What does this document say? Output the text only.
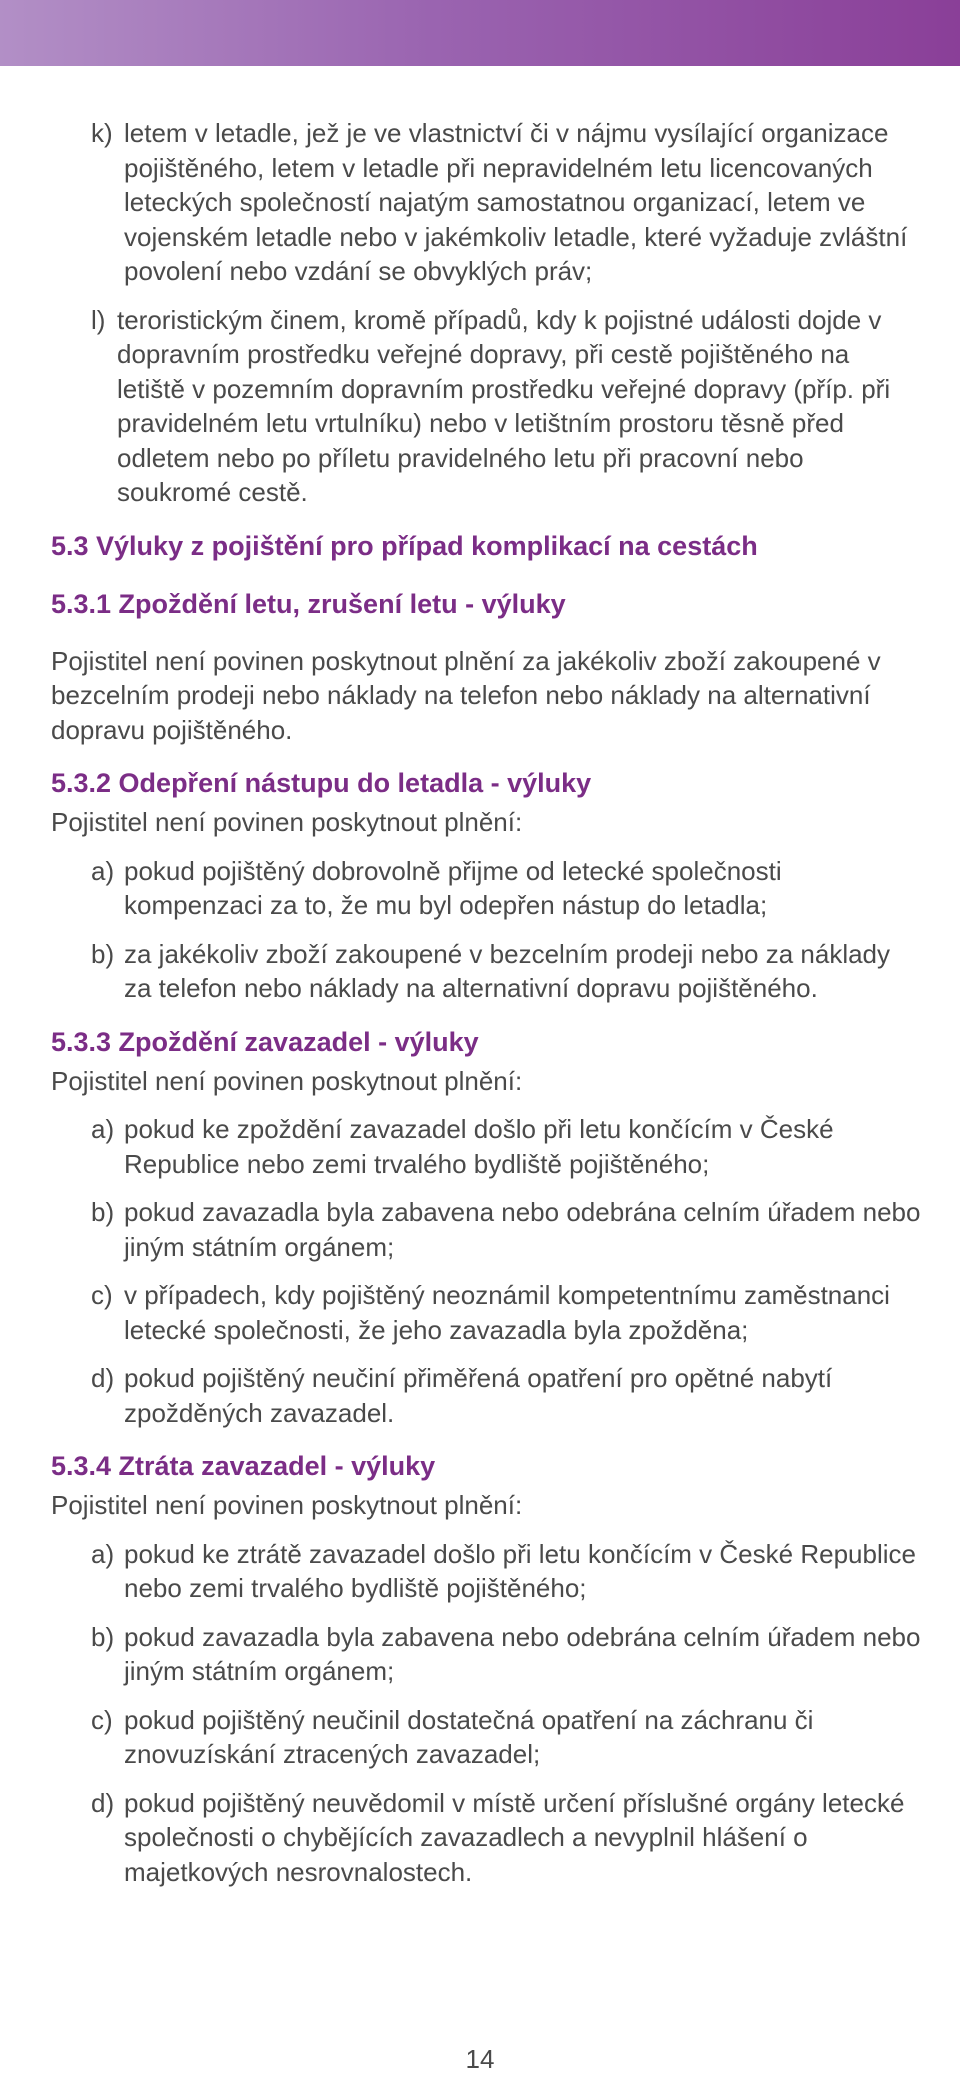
k) letem v letadle, jež je ve vlastnictví či v nájmu vysílající organizace pojištěného, letem v letadle při nepravidelném letu licencovaných leteckých společností najatým samostatnou organizací, letem ve vojenském letadle nebo v jakémkoliv letadle, které vyžaduje zvláštní povolení nebo vzdání se obvyklých práv;
l) teroristickým činem, kromě případů, kdy k pojistné události dojde v dopravním prostředku veřejné dopravy, při cestě pojištěného na letiště v pozemním dopravním prostředku veřejné dopravy (příp. při pravidelném letu vrtulníku) nebo v letištním prostoru těsně před odletem nebo po příletu pravidelného letu při pracovní nebo soukromé cestě.
5.3 Výluky z pojištění pro případ komplikací na cestách
5.3.1 Zpoždění letu, zrušení letu - výluky

Pojistitel není povinen poskytnout plnění za jakékoliv zboží zakoupené v bezcelním prodeji nebo náklady na telefon nebo náklady na alternativní dopravu pojištěného.

5.3.2 Odepření nástupu do letadla - výluky

Pojistitel není povinen poskytnout plnění:

a) pokud pojištěný dobrovolně přijme od letecké společnosti kompenzaci za to, že mu byl odepřen nástup do letadla;
b) za jakékoliv zboží zakoupené v bezcelním prodeji nebo za náklady za telefon nebo náklady na alternativní dopravu pojištěného.
5.3.3 Zpoždění zavazadel - výluky

Pojistitel není povinen poskytnout plnění:

a) pokud ke zpoždění zavazadel došlo při letu končícím v České Republice nebo zemi trvalého bydliště pojištěného;
b) pokud zavazadla byla zabavena nebo odebrána celním úřadem nebo jiným státním orgánem;
c) v případech, kdy pojištěný neoznámil kompetentnímu zaměstnanci letecké společnosti, že jeho zavazadla byla zpožděna;
d) pokud pojištěný neučiní přiměřená opatření pro opětné nabytí zpožděných zavazadel.
5.3.4 Ztráta zavazadel - výluky

Pojistitel není povinen poskytnout plnění:

a) pokud ke ztrátě zavazadel došlo při letu končícím v České Republice nebo zemi trvalého bydliště pojištěného;
b) pokud zavazadla byla zabavena nebo odebrána celním úřadem nebo jiným státním orgánem;
c) pokud pojištěný neučinil dostatečná opatření na záchranu či znovuzískání ztracených zavazadel;
d) pokud pojištěný neuvědomil v místě určení příslušné orgány letecké společnosti o chybějících zavazadlech a nevyplnil hlášení o majetkových nesrovnalostech.
14
